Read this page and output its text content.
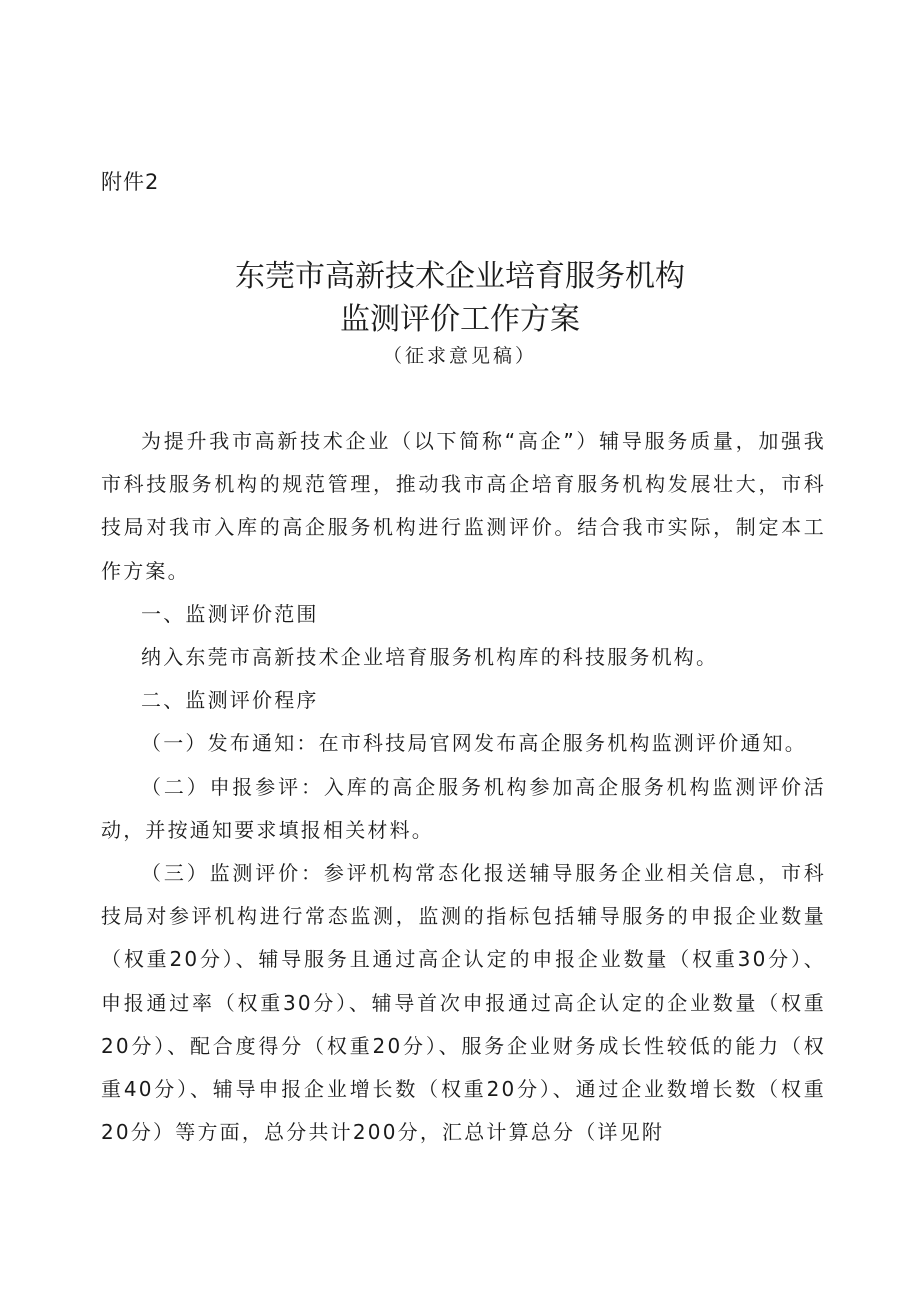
附件2
东莞市高新技术企业培育服务机构
监测评价工作方案
（征求意见稿）

为提升我市高新技术企业（以下简称“高企”）辅导服务质量，加强我市科技服务机构的规范管理，推动我市高企培育服务机构发展壮大，市科技局对我市入库的高企服务机构进行监测评价。结合我市实际，制定本工作方案。

一、监测评价范围

纳入东莞市高新技术企业培育服务机构库的科技服务机构。

二、监测评价程序

（一）发布通知：在市科技局官网发布高企服务机构监测评价通知。

（二）申报参评：入库的高企服务机构参加高企服务机构监测评价活动，并按通知要求填报相关材料。

（三）监测评价：参评机构常态化报送辅导服务企业相关信息，市科技局对参评机构进行常态监测，监测的指标包括辅导服务的申报企业数量（权重20分）、辅导服务且通过高企认定的申报企业数量（权重30分）、申报通过率（权重30分）、辅导首次申报通过高企认定的企业数量（权重20分）、配合度得分（权重20分）、服务企业财务成长性较低的能力（权重40分）、辅导申报企业增长数（权重20分）、通过企业数增长数（权重20分）等方面，总分共计200分，汇总计算总分（详见附
